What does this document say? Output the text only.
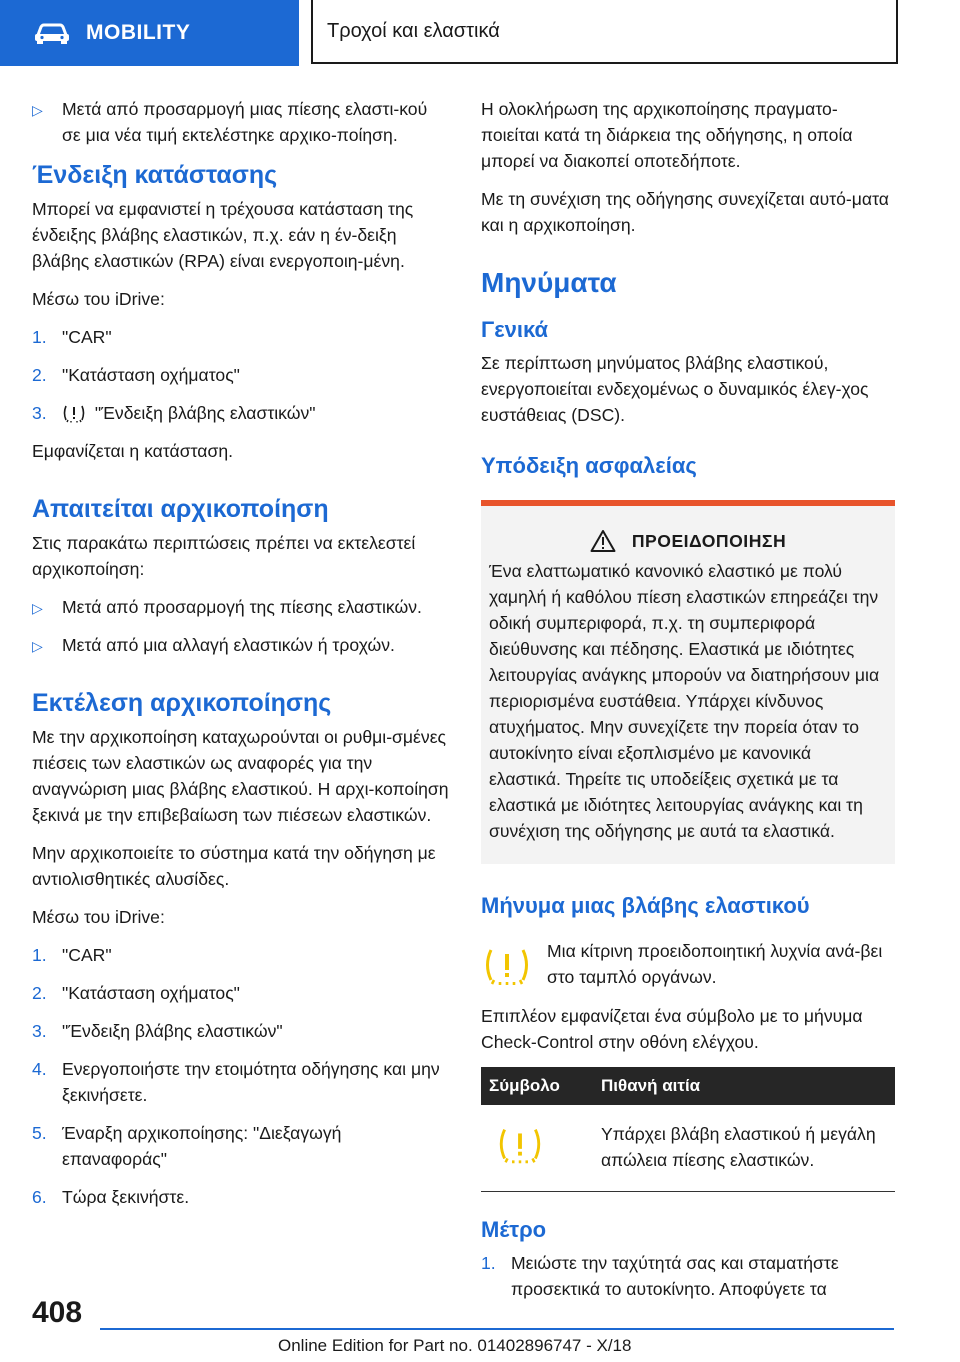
MOBILITY	Τροχοί και ελαστικά
▷ Μετά από προσαρμογή μιας πίεσης ελαστι-κού σε μια νέα τιμή εκτελέστηκε αρχικο-ποίηση.
Ένδειξη κατάστασης

Μπορεί να εμφανιστεί η τρέχουσα κατάσταση της ένδειξης βλάβης ελαστικών, π.χ. εάν η έν-δειξη βλάβης ελαστικών (RPA) είναι ενεργοποιη-μένη.

Μέσω του iDrive:

1. "CAR"
2. "Κατάσταση οχήματος"
3.	"Ένδειξη βλάβης ελαστικών"

Εμφανίζεται η κατάσταση.

Απαιτείται αρχικοποίηση

Στις παρακάτω περιπτώσεις πρέπει να εκτελεστεί αρχικοποίηση:

▷ Μετά από προσαρμογή της πίεσης ελαστικών.
▷ Μετά από μια αλλαγή ελαστικών ή τροχών.
Εκτέλεση αρχικοποίησης

Με την αρχικοποίηση καταχωρούνται οι ρυθμι-σμένες πιέσεις των ελαστικών ως αναφορές για την αναγνώριση μιας βλάβης ελαστικού. Η αρχι-κοποίηση ξεκινά με την επιβεβαίωση των πιέσεων ελαστικών.

Μην αρχικοποιείτε το σύστημα κατά την οδήγηση με αντιολισθητικές αλυσίδες.

Μέσω του iDrive:

1. "CAR"
2. "Κατάσταση οχήματος"
3. "Ένδειξη βλάβης ελαστικών"
4. Ενεργοποιήστε την ετοιμότητα οδήγησης και μην ξεκινήσετε.
5. Έναρξη αρχικοποίησης: "Διεξαγωγή επαναφοράς"
6. Τώρα ξεκινήστε.

Η ολοκλήρωση της αρχικοποίησης πραγματο-ποιείται κατά τη διάρκεια της οδήγησης, η οποία μπορεί να διακοπεί οποτεδήποτε.

Με τη συνέχιση της οδήγησης συνεχίζεται αυτό-ματα και η αρχικοποίηση.

Μηνύματα
Γενικά

Σε περίπτωση μηνύματος βλάβης ελαστικού, ενεργοποιείται ενδεχομένως ο δυναμικός έλεγ-χος ευστάθειας (DSC).

Υπόδειξη ασφαλείας
ΠΡΟΕΙΔΟΠΟΙΗΣΗ
Ένα ελαττωματικό κανονικό ελαστικό με πολύ χαμηλή ή καθόλου πίεση ελαστικών επηρεάζει την οδική συμπεριφορά, π.χ. τη συμπεριφορά διεύθυνσης και πέδησης. Ελαστικά με ιδιότητες λειτουργίας ανάγκης μπορούν να διατηρήσουν μια περιορισμένα ευστάθεια. Υπάρχει κίνδυνος ατυχήματος. Μην συνεχίζετε την πορεία όταν το αυτοκίνητο είναι εξοπλισμένο με κανονικά ελαστικά. Τηρείτε τις υποδείξεις σχετικά με τα ελαστικά με ιδιότητες λειτουργίας ανάγκης και τη συνέχιση της οδήγησης με αυτά τα ελαστικά.
Μήνυμα μιας βλάβης ελαστικού
Μια κίτρινη προειδοποιητική λυχνία ανά-βει στο ταμπλό οργάνων.

Επιπλέον εμφανίζεται ένα σύμβολο με το μήνυμα Check-Control στην οθόνη ελέγχου.

Σύμβολο	Πιθανή αιτία
	Υπάρχει βλάβη ελαστικού ή μεγάλη απώλεια πίεσης ελαστικών.
Μέτρο
1. Μειώστε την ταχύτητά σας και σταματήστε προσεκτικά το αυτοκίνητο. Αποφύγετε τα
408
Online Edition for Part no. 01402896747 - X/18
